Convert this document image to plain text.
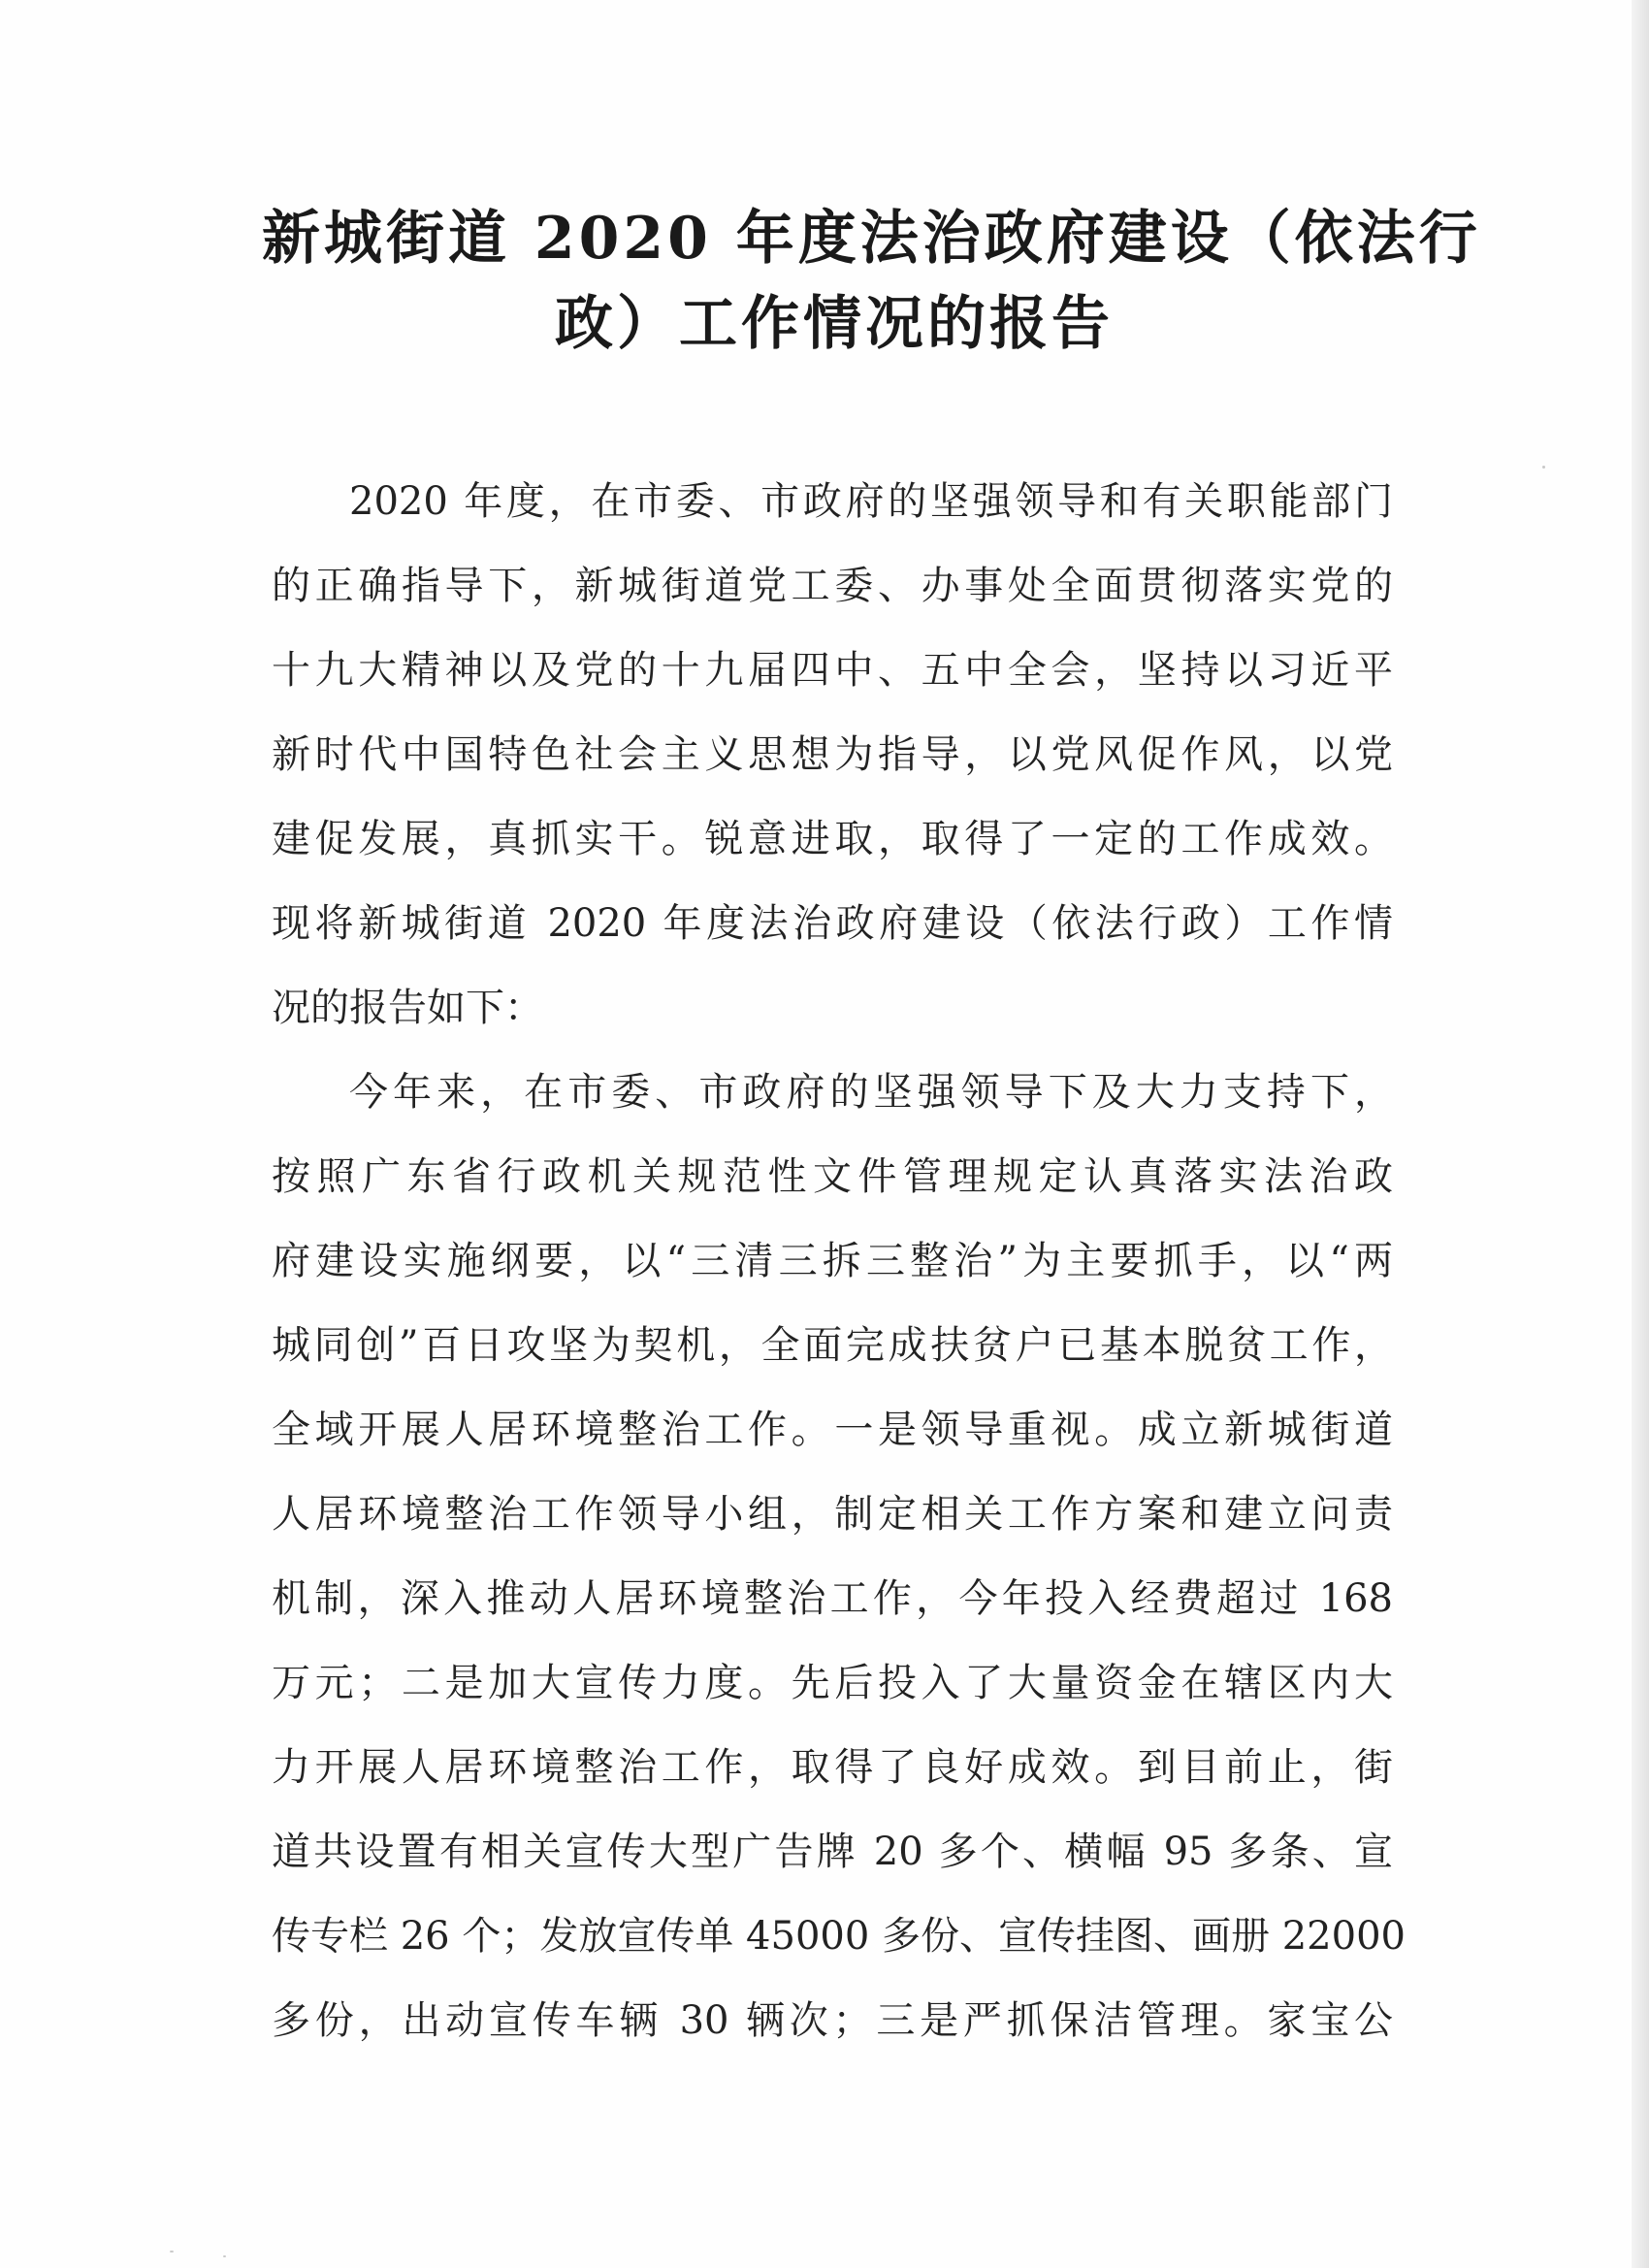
新城街道 2020 年度法治政府建设（依法行
政）工作情况的报告
2020 年度，在市委、市政府的坚强领导和有关职能部门
的正确指导下，新城街道党工委、办事处全面贯彻落实党的
十九大精神以及党的十九届四中、五中全会，坚持以习近平
新时代中国特色社会主义思想为指导，以党风促作风，以党
建促发展，真抓实干。锐意进取，取得了一定的工作成效。
现将新城街道 2020 年度法治政府建设（依法行政）工作情
况的报告如下：
今年来，在市委、市政府的坚强领导下及大力支持下，
按照广东省行政机关规范性文件管理规定认真落实法治政
府建设实施纲要，以“三清三拆三整治”为主要抓手，以“两
城同创”百日攻坚为契机，全面完成扶贫户已基本脱贫工作，
全域开展人居环境整治工作。一是领导重视。成立新城街道
人居环境整治工作领导小组，制定相关工作方案和建立问责
机制，深入推动人居环境整治工作，今年投入经费超过 168
万元；二是加大宣传力度。先后投入了大量资金在辖区内大
力开展人居环境整治工作，取得了良好成效。到目前止，街
道共设置有相关宣传大型广告牌 20 多个、横幅 95 多条、宣
传专栏 26 个；发放宣传单 45000 多份、宣传挂图、画册 22000
多份，出动宣传车辆 30 辆次；三是严抓保洁管理。家宝公
